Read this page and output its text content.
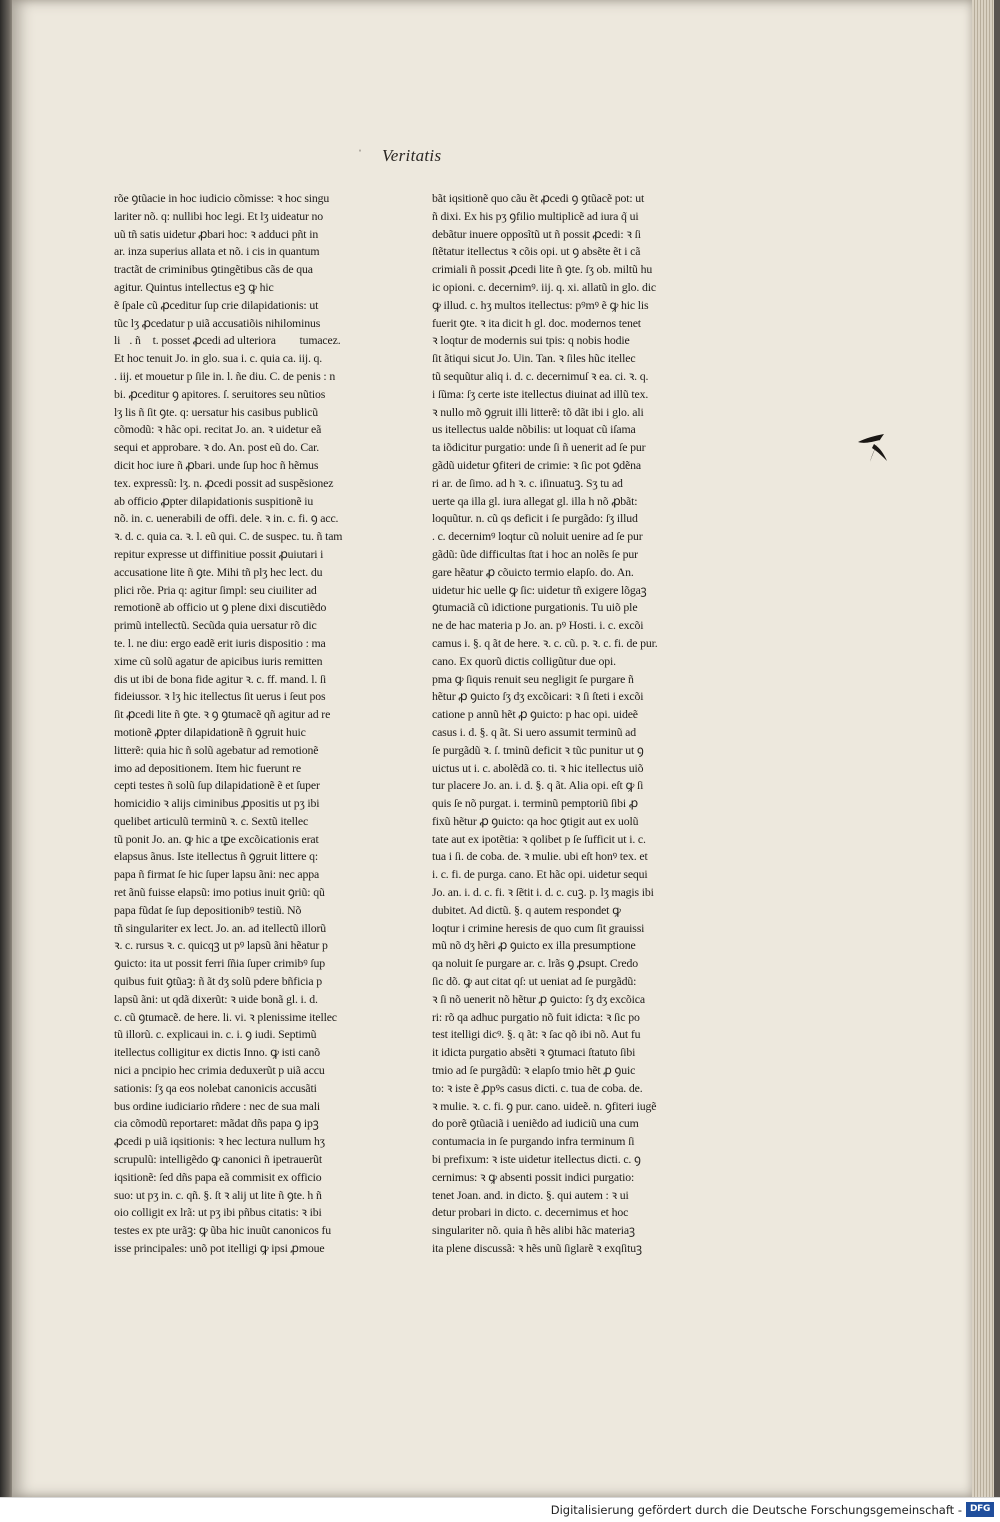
ˈ Veritatis

rõe ꝯtũacie in hoc iudicio cõmisse: ꝛ hoc singu
lariter nõ. q: nullibi hoc legi. Et lʒ uideatur no
uũ tñ satis uidetur ꝓbari hoc: ꝛ adduci pñt in
ar. inza superius allata et nõ. i cis in quantum
tractãt de criminibus ꝯtingẽtibus cãs de qua
agitur. Quintus intellectus eꝫ ꝙ hic
ẽ ſpale cũ ꝓceditur ſup crie dilapidationis: ut
tũc lʒ ꝓcedatur p uiã accusatiõis nihilominus
liᷓ. ñ ꝯt. posset ꝓcedi ad ulteriora ꝯ ꝯtumacez.
Et hoc tenuit Jo. in glo. sua i. c. quia ca. iij. q.
. iij. et mouetur p ſile in. l. ñe diu. C. de penis : n
bi. ꝓceditur ꝯ apitores. ſ. seruitores seu nũtios
lʒ lis ñ ſit ꝯte. q: uersatur his casibus publicũ
cõmodũ: ꝛ hãc opi. recitat Jo. an. ꝛ uidetur eã
sequi et approbare. ꝛ do. An. post eũ do. Car.
dicit hoc iure ñ ꝓbari. unde ſup hoc ñ hẽmus
tex. expressũ: lʒ. n. ꝓcedi possit ad suspẽsionez
ab officio ꝓpter dilapidationis suspitionẽ iuᷓ
nõ. in. c. uenerabili de offi. dele. ꝛ in. c. fi. ꝯ acc.
ꝛ. d. c. quia ca. ꝛ. l. eũ qui. C. de suspec. tu. ñ tam
repitur expresse ut diffinitiue possit ꝓuiutari i
accusatione lite ñ ꝯte. Mihi tñ plʒ hec lect. du
plici rõe. Pria q: agitur ſimpl: seu ciuiliter ad
remotionẽ ab officio ut ꝯ plene dixi discutiẽdo
primũ intellectũ. Secũda quia uersatur rõ dic
te. l. ne diu: ergo eadẽ erit iuris dispositio : ma
xime cũ solũ agatur de apicibus iuris remitten
dis ut ibi de bona fide agitur ꝛ. c. ff. mand. l. ſi
fideiussor. ꝛ lʒ hic itellectus ſit uerus i ſeut pos
ſit ꝓcedi lite ñ ꝯte. ꝛ ꝯ ꝯtumacẽ qñ agitur ad re
motionẽ ꝓpter dilapidationẽ ñ ꝯgruit huic
litterẽ: quia hic ñ solũ agebatur ad remotionẽ
imo ad depositionem. Item hic fuerunt re
cepti testes ñ solũ ſup dilapidationẽ ẽ et ſuper
homicidio ꝛ alijs ciminibus ꝓpositis ut pʒ ibi
quelibet articulũ terminũ ꝛ. c. Sextũ itellec
tũ ponit Jo. an. ꝙ hic a tꝑe excõicationis erat
elapsus ãnus. Iste itellectus ñ ꝯgruit littere q:
papa ñ firmat ſe hic ſuper lapsu ãni: nec appa
ret ãnũ fuisse elapsũ: imo potius inuit ꝯriũ: qũ
papa fũdat ſe ſup depositionibꝰ testiũ. Nõ
tñ singulariter ex lect. Jo. an. ad itellectũ illorũ
ꝛ. c. rursus ꝛ. c. quicqꝫ ut pꝰ lapsũ ãni hẽatur p
ꝯuicto: ita ut possit ferri ſñia ſuper crimibꝰ ſup
quibus fuit ꝯtũaꝫ: ñ ãt dʒ solũ pdere bñficia p
lapsũ ãni: ut qdã dixerũt: ꝛ uide bonã gl. i. d.
c. cũ ꝯtumacẽ. de here. li. vi. ꝛ plenissime itellec
tũ illorũ. c. explicaui in. c. i. ꝯ iudi. Septimũ
itellectus colligitur ex dictis Inno. ꝙ isti canõ
nici a pncipio hec crimia deduxerũt p uiã accu
sationis: ſʒ qa eos nolebat canonicis accusãti
bus ordine iudiciario rñdere : nec de sua mali
cia cõmodũ reportaret: mãdat dñs papa ꝯ ipꝫ
ꝓcedi p uiã iqsitionis: ꝛ hec lectura nullum hʒ
scrupulũ: intelligẽdo ꝙ canonici ñ ipetrauerũt
iqsitionẽ: ſed dñs papa eã commisit ex officio
suo: ut pʒ in. c. qñ. §. ſt ꝛ alij ut lite ñ ꝯte. h ñ
oio colligit ex lrã: ut pʒ ibi pñbus citatis: ꝛ ibi
testes ex pte urãꝫ: ꝙ ũba hic inuũt canonicos fu
isse principales: unõ pot itelligi ꝙ ipsi ꝓmoue
bãt iqsitionẽ quo cãu ẽt ꝓcedi ꝯ ꝯtũacẽ pot: ut
ñ dixi. Ex his pʒ ꝯfilio multiplicẽ ad iura q̃ ui
debãtur inuere opposĩtũ ut ñ possit ꝓcedi: ꝛ ſi
ſtẽtatur itellectus ꝛ cõis opi. ut ꝯ absẽte ẽt i cã
crimiali ñ possit ꝓcedi lite ñ ꝯte. ſʒ ob. miltũ hu
ic opioni. c. decernimꝰ. iij. q. xi. allatũ in glo. dic
ꝙ illud. c. hʒ multos itellectus: pꝰmꝰ ẽ ꝙ hic lis
fuerit ꝯte. ꝛ ita dicit h gl. doc. modernos tenet
ꝛ loqtur de modernis sui tpis: q nobis hodie
ſit ãtiqui sicut Jo. Uin. Tan. ꝛ ſiles hũc itellec
tũ sequũtur aliq i. d. c. decernimuſ ꝛ ea. ci. ꝛ. q.
i ſũma: ſʒ certe iste itellectus diuinat ad illũ tex.
ꝛ nullo mõ ꝯgruit illi litterẽ: tõ dãt ibi i glo. ali
us itellectus ualde nõbilis: ut loquat cũ iſama
ta iõdicitur purgatio: unde ſi ñ uenerit ad ſe pur
gãdũ uidetur ꝯfiteri de crimie: ꝛ ſic pot ꝯdẽna
ri ar. de ſimo. ad h ꝛ. c. iſinuatuꝫ. Sʒ tu ad
uerte qa illa gl. iura allegat gl. illa h nõ ꝓbãt:
loquũtur. n. cũ qs deficit i ſe purgãdo: ſʒ illud
. c. decernimꝰ loqtur cũ noluit uenire ad ſe pur
gãdũ: ũde difficultas ſtat i hoc an nolẽs ſe pur
gare hẽatur ꝓ cõuicto termio elapſo. do. An.
uidetur hic uelle ꝙ ſic: uidetur tñ exigere lõgaꝫ
ꝯtumaciã cũ idictione purgationis. Tu uiõ ple
ne de hac materia p Jo. an. pꝰ Hosti. i. c. excõi
camus i. §. q ãt de here. ꝛ. c. cũ. p. ꝛ. c. fi. de pur.
cano. Ex quorũ dictis colligũtur due opi.
pma ꝙ ſiquis renuit seu negligit ſe purgare ñ
hẽtur ꝓ ꝯuicto ſʒ dʒ excõicari: ꝛ ſi ſteti i excõi
catione p annũ hẽt ꝓ ꝯuicto: p hac opi. uideẽ
casus i. d. §. q ãt. Si uero assumit terminũ ad
ſe purgãdũ ꝛ. ſ. tminũ deficit ꝛ tũc punitur ut ꝯ
uictus ut i. c. abolẽdã co. ti. ꝛ hic itellectus uiõ
tur placere Jo. an. i. d. §. q ãt. Alia opi. eſt ꝙ ſi
quis ſe nõ purgat. i. terminũ pemptoriũ ſibi ꝓ
fixũ hẽtur ꝓ ꝯuicto: qa hoc ꝯtigit aut ex uolũ
tate aut ex ipotẽtia: ꝛ qolibet p ſe ſufficit ut i. c.
tua i ſi. de coba. de. ꝛ mulie. ubi eſt honꝰ tex. et
i. c. fi. de purga. cano. Et hãc opi. uidetur sequi
Jo. an. i. d. c. fi. ꝛ ſẽtit i. d. c. cuꝫ. p. lʒ magis ibi
dubitet. Ad dictũ. §. q autem respondet ꝙ
loqtur i crimine heresis de quo cum ſit grauissi
mũ nõ dʒ hẽri ꝓ ꝯuicto ex illa presumptione
qa noluit ſe purgare ar. c. lrãs ꝯ ꝓsupt. Credo
ſic dõ. ꝙ aut citat qſ: ut ueniat ad ſe purgãdũ:
ꝛ ſi nõ uenerit nõ hẽtur ꝓ ꝯuicto: ſʒ dʒ excõica
ri: rõ qa adhuc purgatio nõ fuit idicta: ꝛ ſic po
test itelligi dicꝰ. §. q ãt: ꝛ ſac qõ ibi nõ. Aut fu
it idicta purgatio absẽti ꝛ ꝯtumaci ſtatuto ſibi
tmio ad ſe purgãdũ: ꝛ elapſo tmio hẽt ꝓ ꝯuic
to: ꝛ iste ẽ ꝓpꝰs casus dicti. c. tua de coba. de.
ꝛ mulie. ꝛ. c. fi. ꝯ pur. cano. uideẽ. n. ꝯfiteri iugẽ
do porẽ ꝯtũaciã i ueniẽdo ad iudiciũ una cum
contumacia in ſe purgando infra terminum ſi
bi prefixum: ꝛ iste uidetur itellectus dicti. c. ꝯ
cernimus: ꝛ ꝙ absenti possit indici purgatio:
tenet Joan. and. in dicto. §. qui autem : ꝛ ui
detur probari in dicto. c. decernimus et hoc
singulariter nõ. quia ñ hẽs alibi hãc materiaꝫ
ita plene discussã: ꝛ hẽs unũ ſiglarẽ ꝛ exqſituꝫ

Digitalisierung gefördert durch die Deutsche Forschungsgemeinschaft - DFG
